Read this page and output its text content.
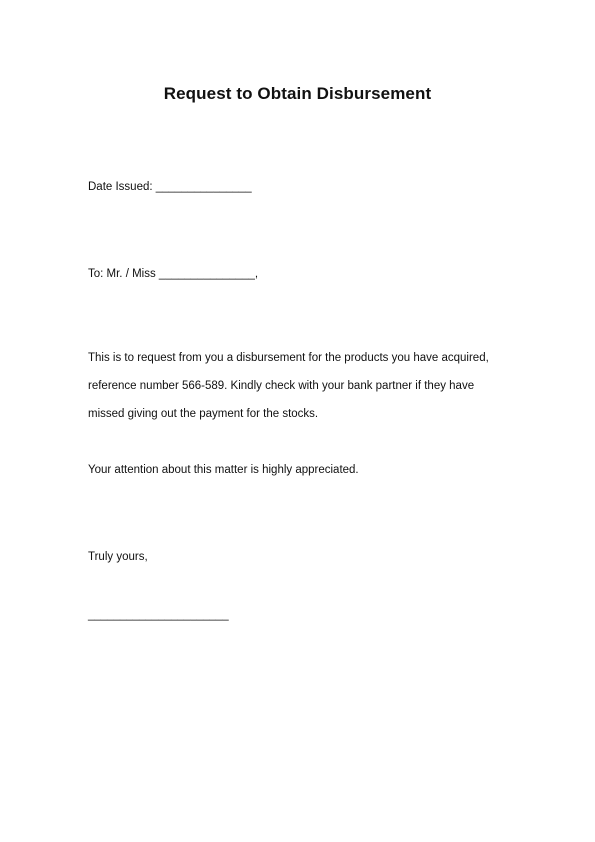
Request to Obtain Disbursement
Date Issued: _______________
To: Mr. / Miss _______________,
This is to request from you a disbursement for the products you have acquired,
reference number 566-589. Kindly check with your bank partner if they have
missed giving out the payment for the stocks.
Your attention about this matter is highly appreciated.
Truly yours,
______________________
